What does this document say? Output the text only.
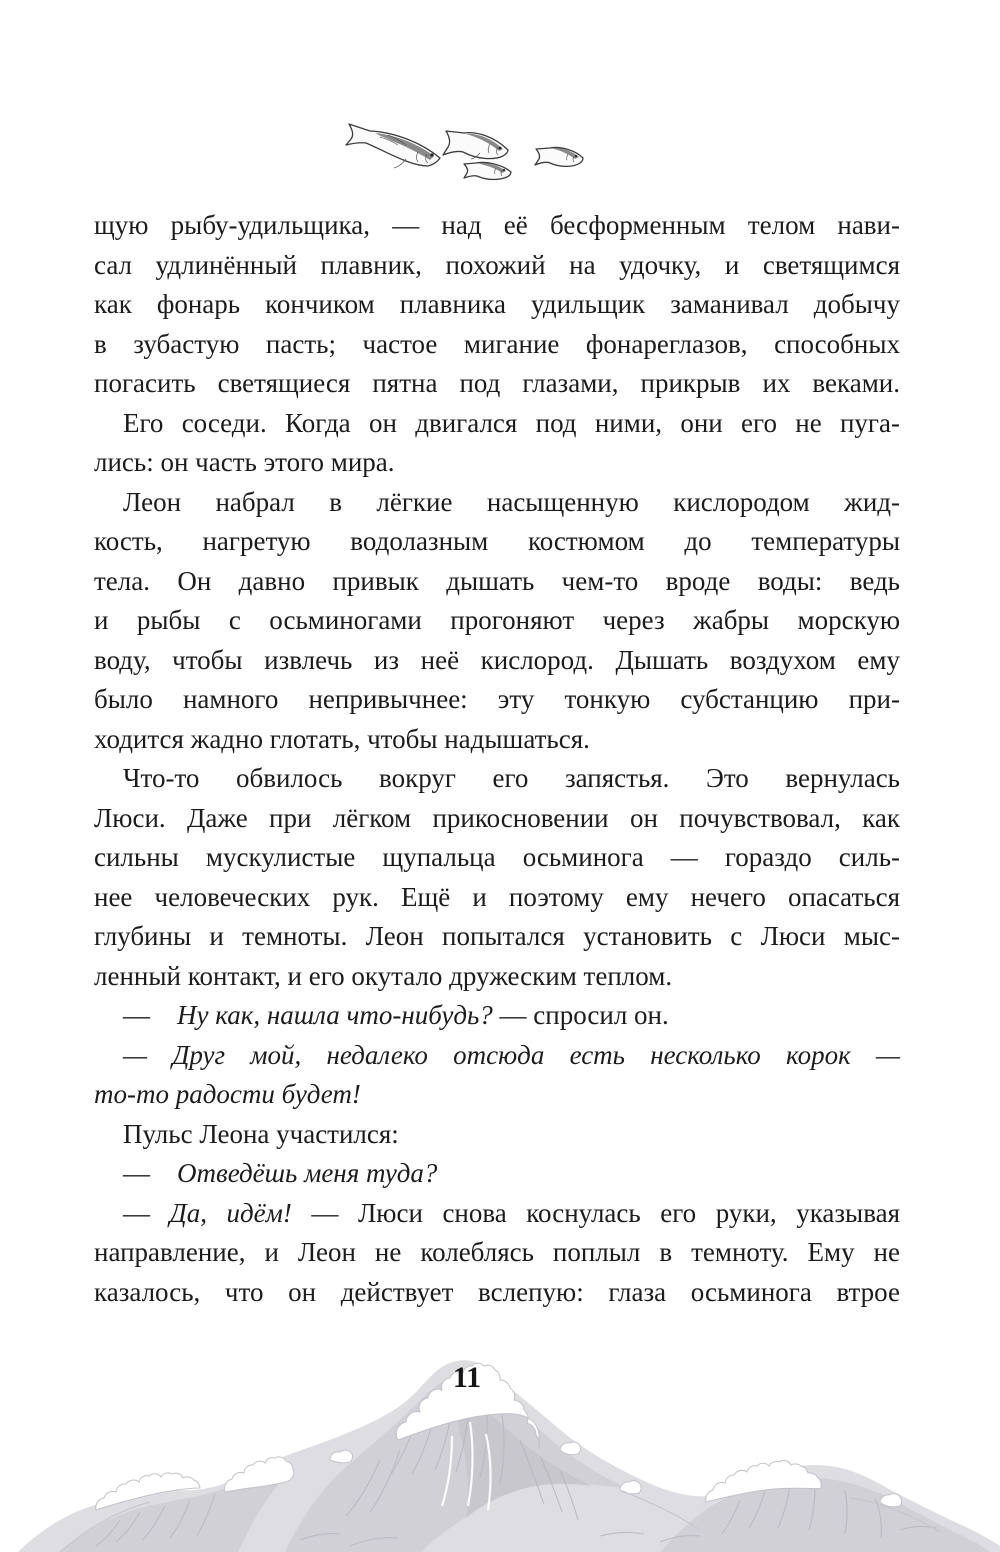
щую рыбу-удильщика, — над её бесформенным телом нави-
сал удлинённый плавник, похожий на удочку, и светящимся
как фонарь кончиком плавника удильщик заманивал добычу
в зубастую пасть; частое мигание фонареглазов, способных
погасить светящиеся пятна под глазами, прикрыв их веками.
Его соседи. Когда он двигался под ними, они его не пуга-
лись: он часть этого мира.
Леон набрал в лёгкие насыщенную кислородом жид-
кость, нагретую водолазным костюмом до температуры
тела. Он давно привык дышать чем-то вроде воды: ведь
и рыбы с осьминогами прогоняют через жабры морскую
воду, чтобы извлечь из неё кислород. Дышать воздухом ему
было намного непривычнее: эту тонкую субстанцию при-
ходится жадно глотать, чтобы надышаться.
Что-то обвилось вокруг его запястья. Это вернулась
Люси. Даже при лёгком прикосновении он почувствовал, как
сильны мускулистые щупальца осьминога — гораздо силь-
нее человеческих рук. Ещё и поэтому ему нечего опасаться
глубины и темноты. Леон попытался установить с Люси мыс-
ленный контакт, и его окутало дружеским теплом.
— Ну как, нашла что-нибудь? — спросил он.
— Друг мой, недалеко отсюда есть несколько корок —
то-то радости будет!
Пульс Леона участился:
— Отведёшь меня туда?
— Да, идём! — Люси снова коснулась его руки, указывая
направление, и Леон не колеблясь поплыл в темноту. Ему не
казалось, что он действует вслепую: глаза осьминога втрое
11
